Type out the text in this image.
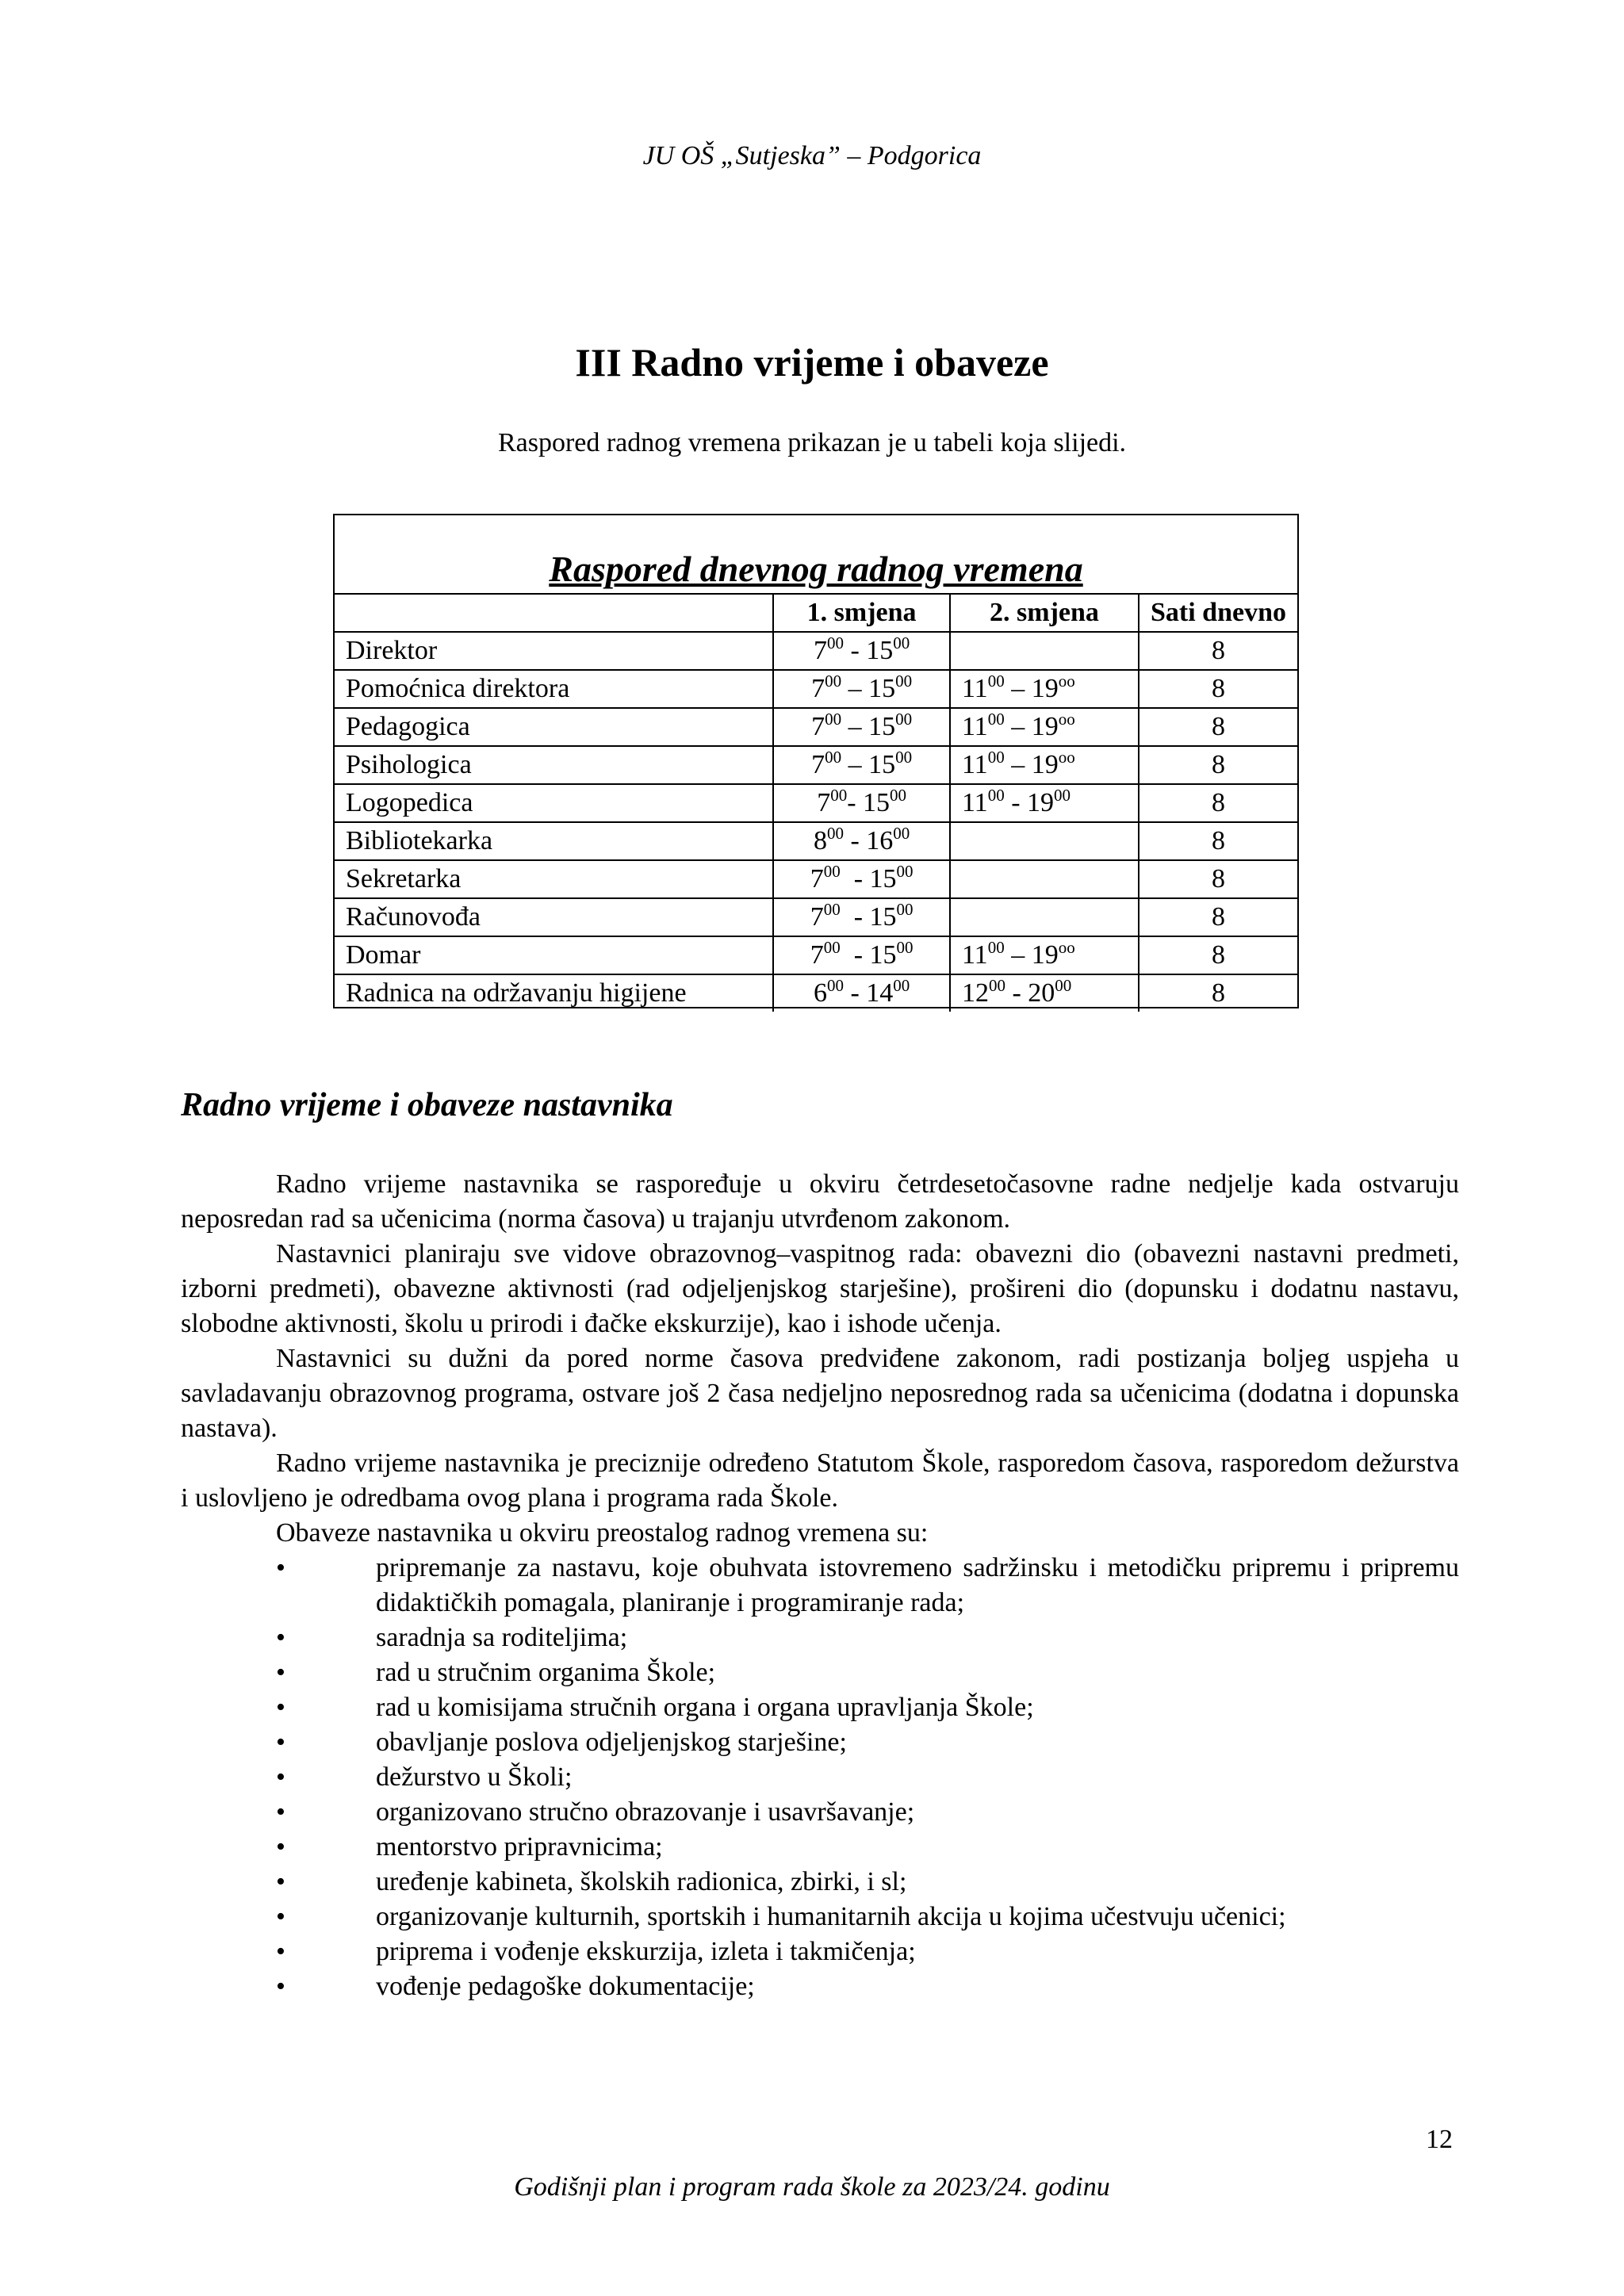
JU OŠ „Sutjeska” – Podgorica
III Radno vrijeme i obaveze
Raspored radnog vremena prikazan je u tabeli koja slijedi.
Raspored dnevnog radnog vremena
	1. smjena	2. smjena	Sati dnevno
Direktor	$7^{00} - 15^{00}$		8
Pomoćnica direktora	$7^{00} - 15^{00}$	$11^{00} - 19^{oo}$	8
Pedagogica	$7^{00} - 15^{00}$	$11^{00} - 19^{oo}$	8
Psihologica	$7^{00} - 15^{00}$	$11^{00} - 19^{oo}$	8
Logopedica	$7^{00}-$ $15^{00}$	$11^{00} - 19^{00}$	8
Bibliotekarka	$8^{00} - 16^{00}$		8
Sekretarka	$7^{00} - 15^{00}$		8
Računovođa	$7^{00} - 15^{00}$		8
Domar	$7^{00} - 15^{00}$	$11^{00} - 19^{oo}$	8
Radnica na održavanju higijene	$6^{00} - 14^{00}$	$12^{00} - 20^{00}$	8
Radno vrijeme i obaveze nastavnika

Radno vrijeme nastavnika se raspoređuje u okviru četrdesetočasovne radne nedjelje kada ostvaruju neposredan rad sa učenicima (norma časova) u trajanju utvrđenom zakonom.

Nastavnici planiraju sve vidove obrazovnog–vaspitnog rada: obavezni dio (obavezni nastavni predmeti, izborni predmeti), obavezne aktivnosti (rad odjeljenjskog starješine), prošireni dio (dopunsku i dodatnu nastavu, slobodne aktivnosti, školu u prirodi i đačke ekskurzije), kao i ishode učenja.

Nastavnici su dužni da pored norme časova predviđene zakonom, radi postizanja boljeg uspjeha u savladavanju obrazovnog programa, ostvare još 2 časa nedjeljno neposrednog rada sa učenicima (dodatna i dopunska nastava).

Radno vrijeme nastavnika je preciznije određeno Statutom Škole, rasporedom časova, rasporedom dežurstva i uslovljeno je odredbama ovog plana i programa rada Škole.

Obaveze nastavnika u okviru preostalog radnog vremena su:

•	pripremanje za nastavu, koje obuhvata istovremeno sadržinsku i metodičku pripremu i pripremu didaktičkih pomagala, planiranje i programiranje rada;
•	saradnja sa roditeljima;
•	rad u stručnim organima Škole;
•	rad u komisijama stručnih organa i organa upravljanja Škole;
•	obavljanje poslova odjeljenjskog starješine;
•	dežurstvo u Školi;
•	organizovano stručno obrazovanje i usavršavanje;
•	mentorstvo pripravnicima;
•	uređenje kabineta, školskih radionica, zbirki, i sl;
•	organizovanje kulturnih, sportskih i humanitarnih akcija u kojima učestvuju učenici;
•	priprema i vođenje ekskurzija, izleta i takmičenja;
•	vođenje pedagoške dokumentacije;
12
Godišnji plan i program rada škole za 2023/24. godinu
